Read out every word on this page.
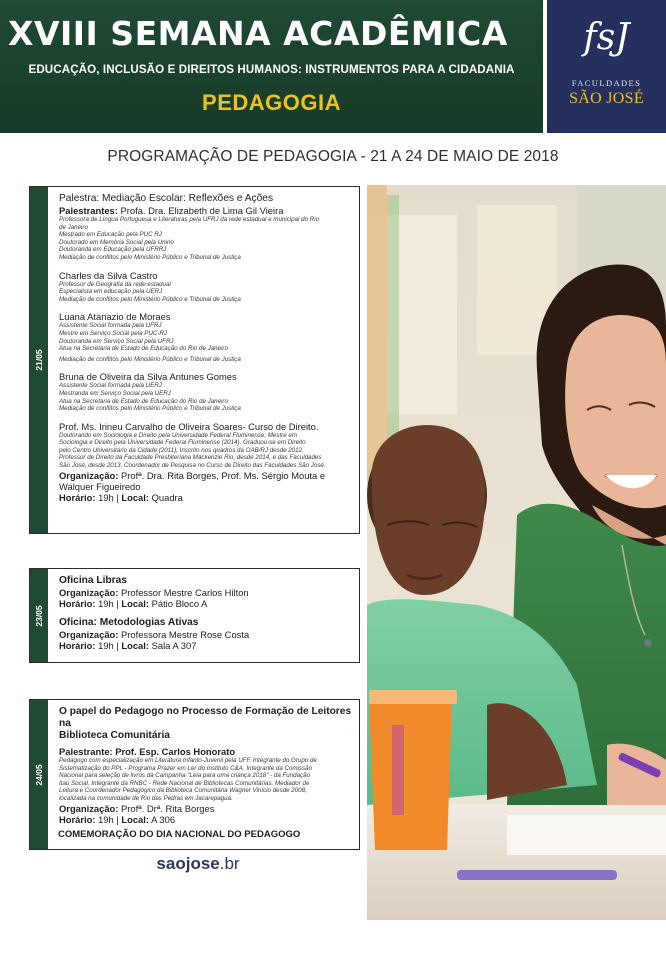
XVIII SEMANA ACADÊMICA
EDUCAÇÃO, INCLUSÃO E DIREITOS HUMANOS: INSTRUMENTOS PARA A CIDADANIA
PEDAGOGIA
fsJ
FACULDADES
SÃO JOSÉ
PROGRAMAÇÃO DE PEDAGOGIA - 21 A 24 DE MAIO DE 2018
21/05
Palestra: Mediação Escolar: Reflexões e Ações
Palestrantes: Profa. Dra. Elizabeth de Lima Gil Vieira
Professora de Língua Portuguesa e Literaturas pela UFRJ da rede estadual e municipal do Rio
de Janeiro
Mestrado em Educação pela PUC RJ
Doutorado em Memória Social pela Unirio
Doutoranda em Educação pela UFRRJ
Mediação de conflitos pelo Ministério Público e Tribunal de Justiça
Charles da Silva Castro
Professor de Geografia da rede estadual
Especialista em educação pela UERJ
Mediação de conflitos pelo Ministério Público e Tribunal de Justiça
Luana Atanazio de Moraes
Assistente Social formada pela UFRJ
Mestre em Serviço Social pela PUC-RJ
Doutoranda em Serviço Social pela UFRJ
Atua na Secretaria de Estado de Educação do Rio de Janeiro
Mediação de conflitos pelo Ministério Público e Tribunal de Justiça
Bruna de Oliveira da Silva Antunes Gomes
Assistente Social formada pela UERJ
Mestranda em Serviço Social pela UERJ
Atua na Secretaria de Estado de Educação do Rio de Janeiro
Mediação de conflitos pelo Ministério Público e Tribunal de Justiça
Prof. Ms. Irineu Carvalho de Oliveira Soares- Curso de Direito.
Doutorando em Sociologia e Direito pela Universidade Federal Fluminense; Mestre em
Sociologia e Direito pela Universidade Federal Fluminense (2014). Graduou-se em Direito
pelo Centro Universitário da Cidade (2011), Inscrito nos quadros da OAB/RJ desde 2012.
Professor de Direito da Faculdade Presbiteriana Mackenzie Rio, desde 2014, e das Faculdades
São José, desde 2013. Coordenador de Pesquisa no Curso de Direito das Faculdades São José.
Organização: Profª. Dra. Rita Borges, Prof. Ms. Sérgio Mouta e
Walquer Figueiredo
Horário: 19h | Local: Quadra
23/05
Oficina Libras
Organização: Professor Mestre Carlos Hilton
Horário: 19h | Local: Pátio Bloco A
Oficina: Metodologias Ativas
Organização: Professora Mestre Rose Costa
Horário: 19h | Local: Sala A 307
24/05
O papel do Pedagogo no Processo de Formação de Leitores na
Biblioteca Comunitária
Palestrante: Prof. Esp. Carlos Honorato
Pedagogo com especialização em Literatura Infanto-Juvenil pela UFF. Integrante do Grupo de
Sistematização do PPL - Programa Prazer em Ler do Instituto C&A. Integrante da Comissão
Nacional para seleção de livros da Campanha "Leia para uma criança 2018" - da Fundação
Itaú Social. Integrante da RNBC - Rede Nacional de Bibliotecas Comunitárias. Mediador de
Leitura e Coordenador Pedagógico da Biblioteca Comunitária Wagner Vinício desde 2008,
localizada na comunidade de Rio das Pedras em Jacarepaguá.
Organização: Profª. Drª. Rita Borges
Horário: 19h | Local: A 306
COMEMORAÇÃO DO DIA NACIONAL DO PEDAGOGO
saojose.br
